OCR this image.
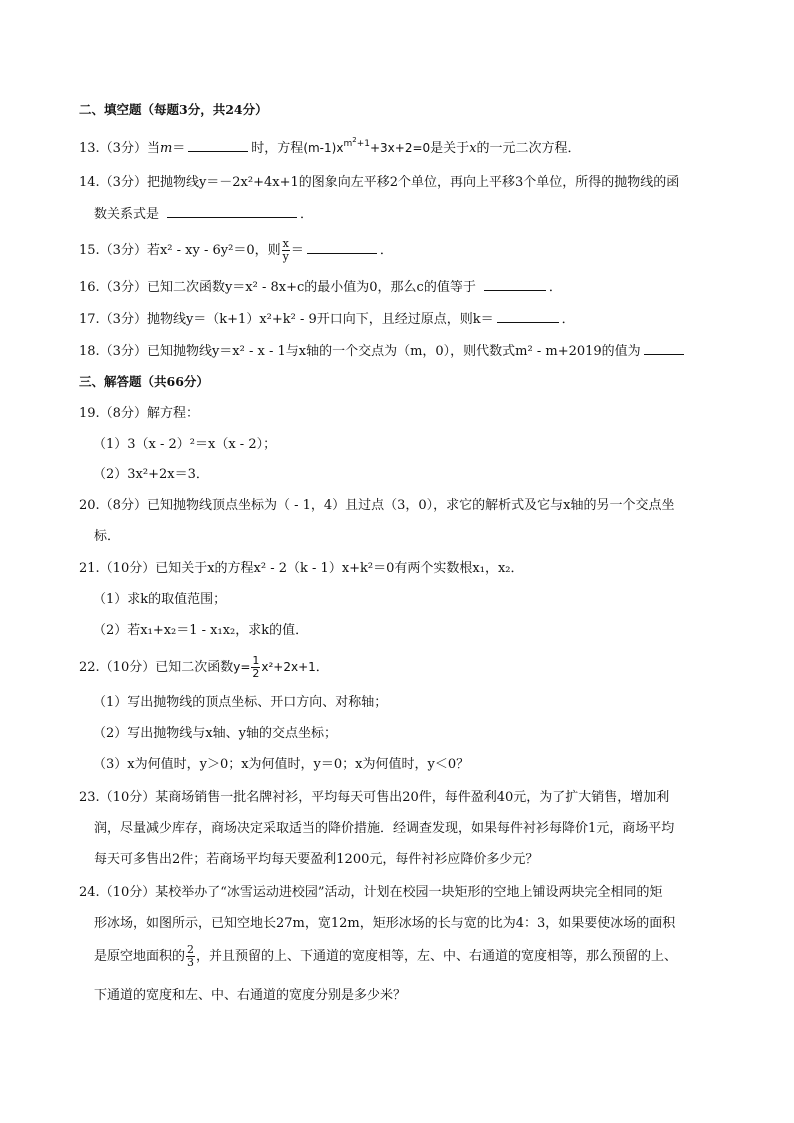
二、填空题（每题3分，共24分）
13.（3分）当m＝	时，方程$(m-1)x^{m^2+1}+3x+2=0$是关于x的一元二次方程．
14.（3分）把抛物线y＝－2x²+4x+1的图象向左平移2个单位，再向上平移3个单位，所得的抛物线的函
数关系式是	．
15.（3分）若x² - xy - 6y²＝0，则 $\frac{x}{y}$ ＝	．
16.（3分）已知二次函数y＝x² - 8x+c的最小值为0，那么c的值等于	．
17.（3分）抛物线y＝（k+1）x²+k² - 9开口向下，且经过原点，则k＝	．
18.（3分）已知抛物线y＝x² - x - 1与x轴的一个交点为（m，0），则代数式m² - m+2019的值为
三、解答题（共66分）
19.（8分）解方程：
（1）3（x - 2）²＝x（x - 2）；
（2）3x²+2x＝3．
20.（8分）已知抛物线顶点坐标为（ - 1，4）且过点（3，0），求它的解析式及它与x轴的另一个交点坐
标．
21.（10分）已知关于x的方程x² - 2（k - 1）x+k²＝0有两个实数根x₁，x₂．
（1）求k的取值范围；
（2）若x₁+x₂＝1 - x₁x₂，求k的值．
22.（10分）已知二次函数$y= \frac{1}{2} x^2+2x+1$．
（1）写出抛物线的顶点坐标、开口方向、对称轴；
（2）写出抛物线与x轴、y轴的交点坐标；
（3）x为何值时，y＞0；x为何值时，y＝0；x为何值时，y＜0？
23.（10分）某商场销售一批名牌衬衫，平均每天可售出20件，每件盈利40元，为了扩大销售，增加利
润，尽量减少库存，商场决定采取适当的降价措施．经调查发现，如果每件衬衫每降价1元，商场平均
每天可多售出2件；若商场平均每天要盈利1200元，每件衬衫应降价多少元？
24.（10分）某校举办了“冰雪运动进校园”活动，计划在校园一块矩形的空地上铺设两块完全相同的矩
形冰场，如图所示，已知空地长27m，宽12m，矩形冰场的长与宽的比为4：3，如果要使冰场的面积
是原空地面积的 $\frac{2}{3}$ ，并且预留的上、下通道的宽度相等，左、中、右通道的宽度相等，那么预留的上、
下通道的宽度和左、中、右通道的宽度分别是多少米？
